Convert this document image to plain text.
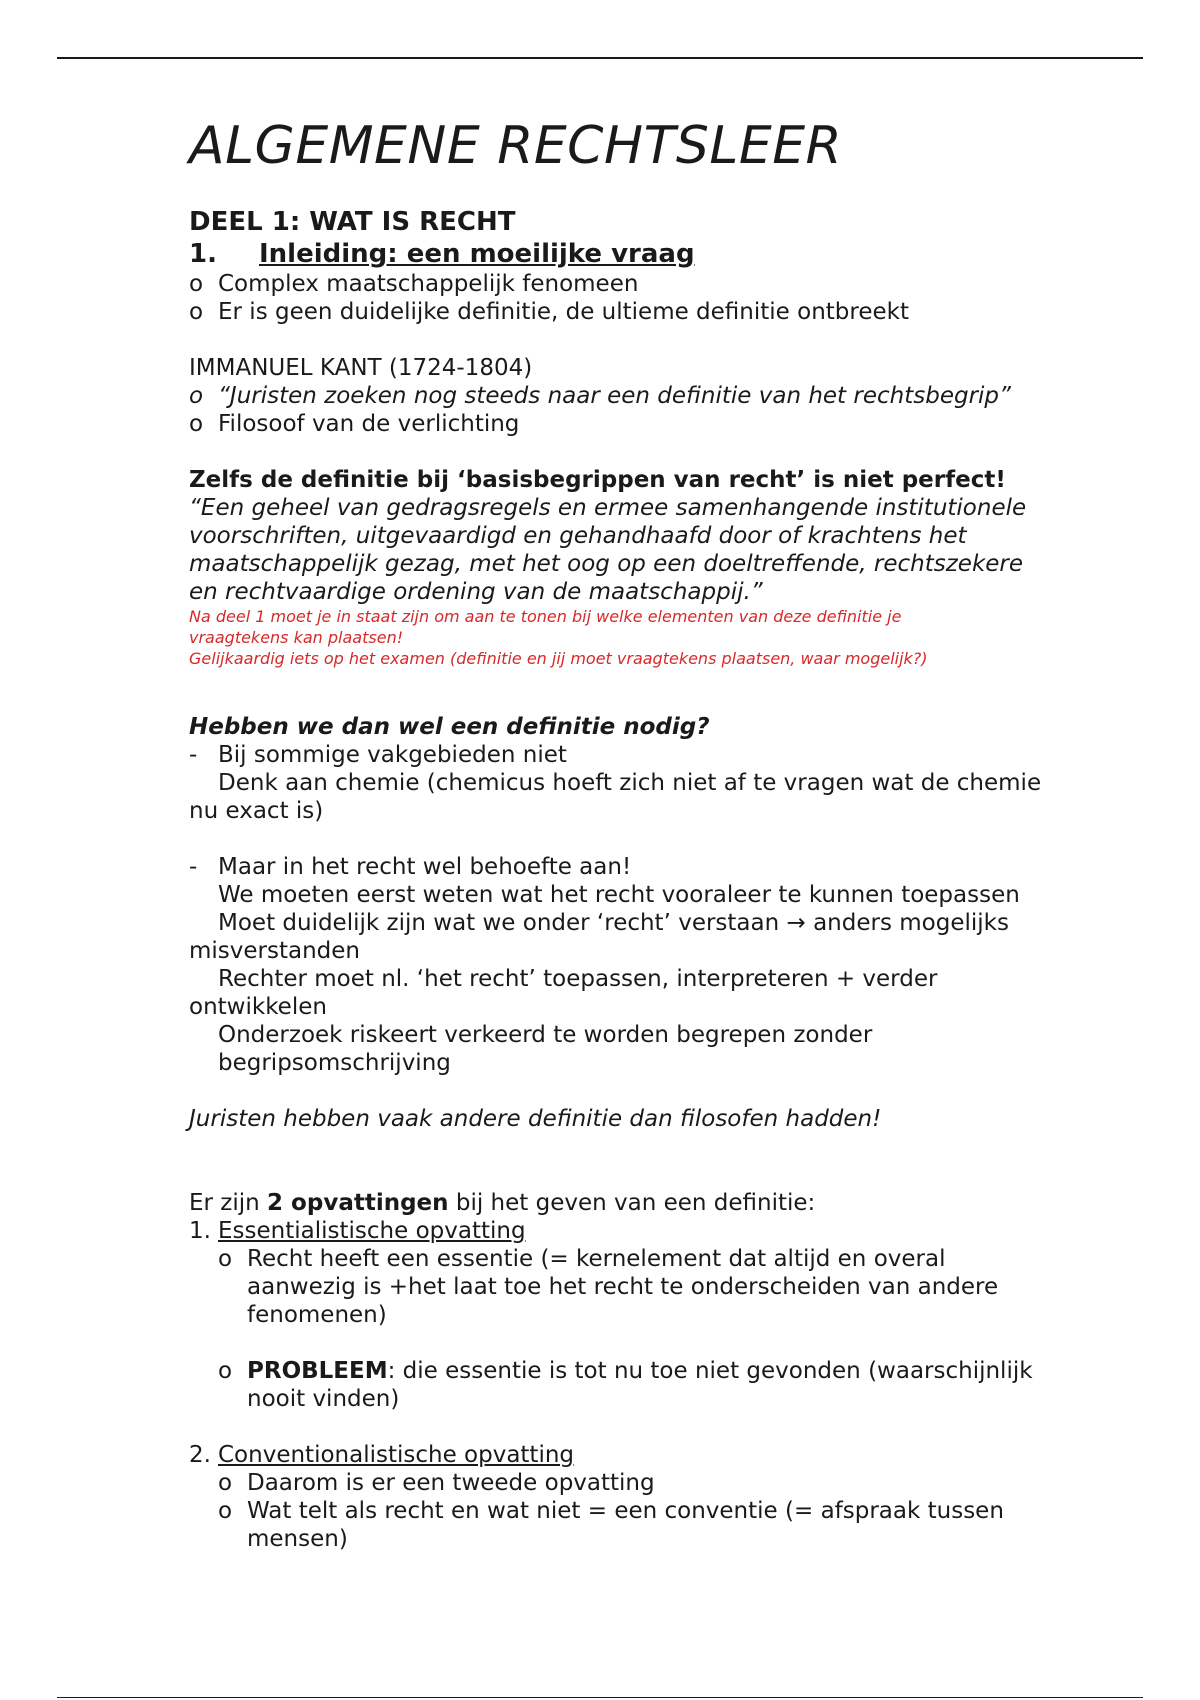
ALGEMENE RECHTSLEER

DEEL 1: WAT IS RECHT

1.	Inleiding: een moeilijke vraag
o Complex maatschappelijk fenomeen
o Er is geen duidelijke definitie, de ultieme definitie ontbreekt

IMMANUEL KANT (1724-1804)

o “Juristen zoeken nog steeds naar een definitie van het rechtsbegrip”
o Filosoof van de verlichting

Zelfs de definitie bij ‘basisbegrippen van recht’ is niet perfect!

“Een geheel van gedragsregels en ermee samenhangende institutionele

voorschriften, uitgevaardigd en gehandhaafd door of krachtens het

maatschappelijk gezag, met het oog op een doeltreffende, rechtszekere

en rechtvaardige ordening van de maatschappij.”

Na deel 1 moet je in staat zijn om aan te tonen bij welke elementen van deze definitie je

vraagtekens kan plaatsen!

Gelijkaardig iets op het examen (definitie en jij moet vraagtekens plaatsen, waar mogelijk?)

Hebben we dan wel een definitie nodig?

- Bij sommige vakgebieden niet

Denk aan chemie (chemicus hoeft zich niet af te vragen wat de chemie

nu exact is)

- Maar in het recht wel behoefte aan!

We moeten eerst weten wat het recht vooraleer te kunnen toepassen

Moet duidelijk zijn wat we onder ‘recht’ verstaan → anders mogelijks

misverstanden

Rechter moet nl. ‘het recht’ toepassen, interpreteren + verder

ontwikkelen

Onderzoek riskeert verkeerd te worden begrepen zonder

begripsomschrijving

Juristen hebben vaak andere definitie dan filosofen hadden!

Er zijn 2 opvattingen bij het geven van een definitie:

1. Essentialistische opvatting
o Recht heeft een essentie (= kernelement dat altijd en overal
aanwezig is +het laat toe het recht te onderscheiden van andere
fenomenen)
o PROBLEEM: die essentie is tot nu toe niet gevonden (waarschijnlijk
nooit vinden)
2. Conventionalistische opvatting
o Daarom is er een tweede opvatting
o Wat telt als recht en wat niet = een conventie (= afspraak tussen
mensen)
